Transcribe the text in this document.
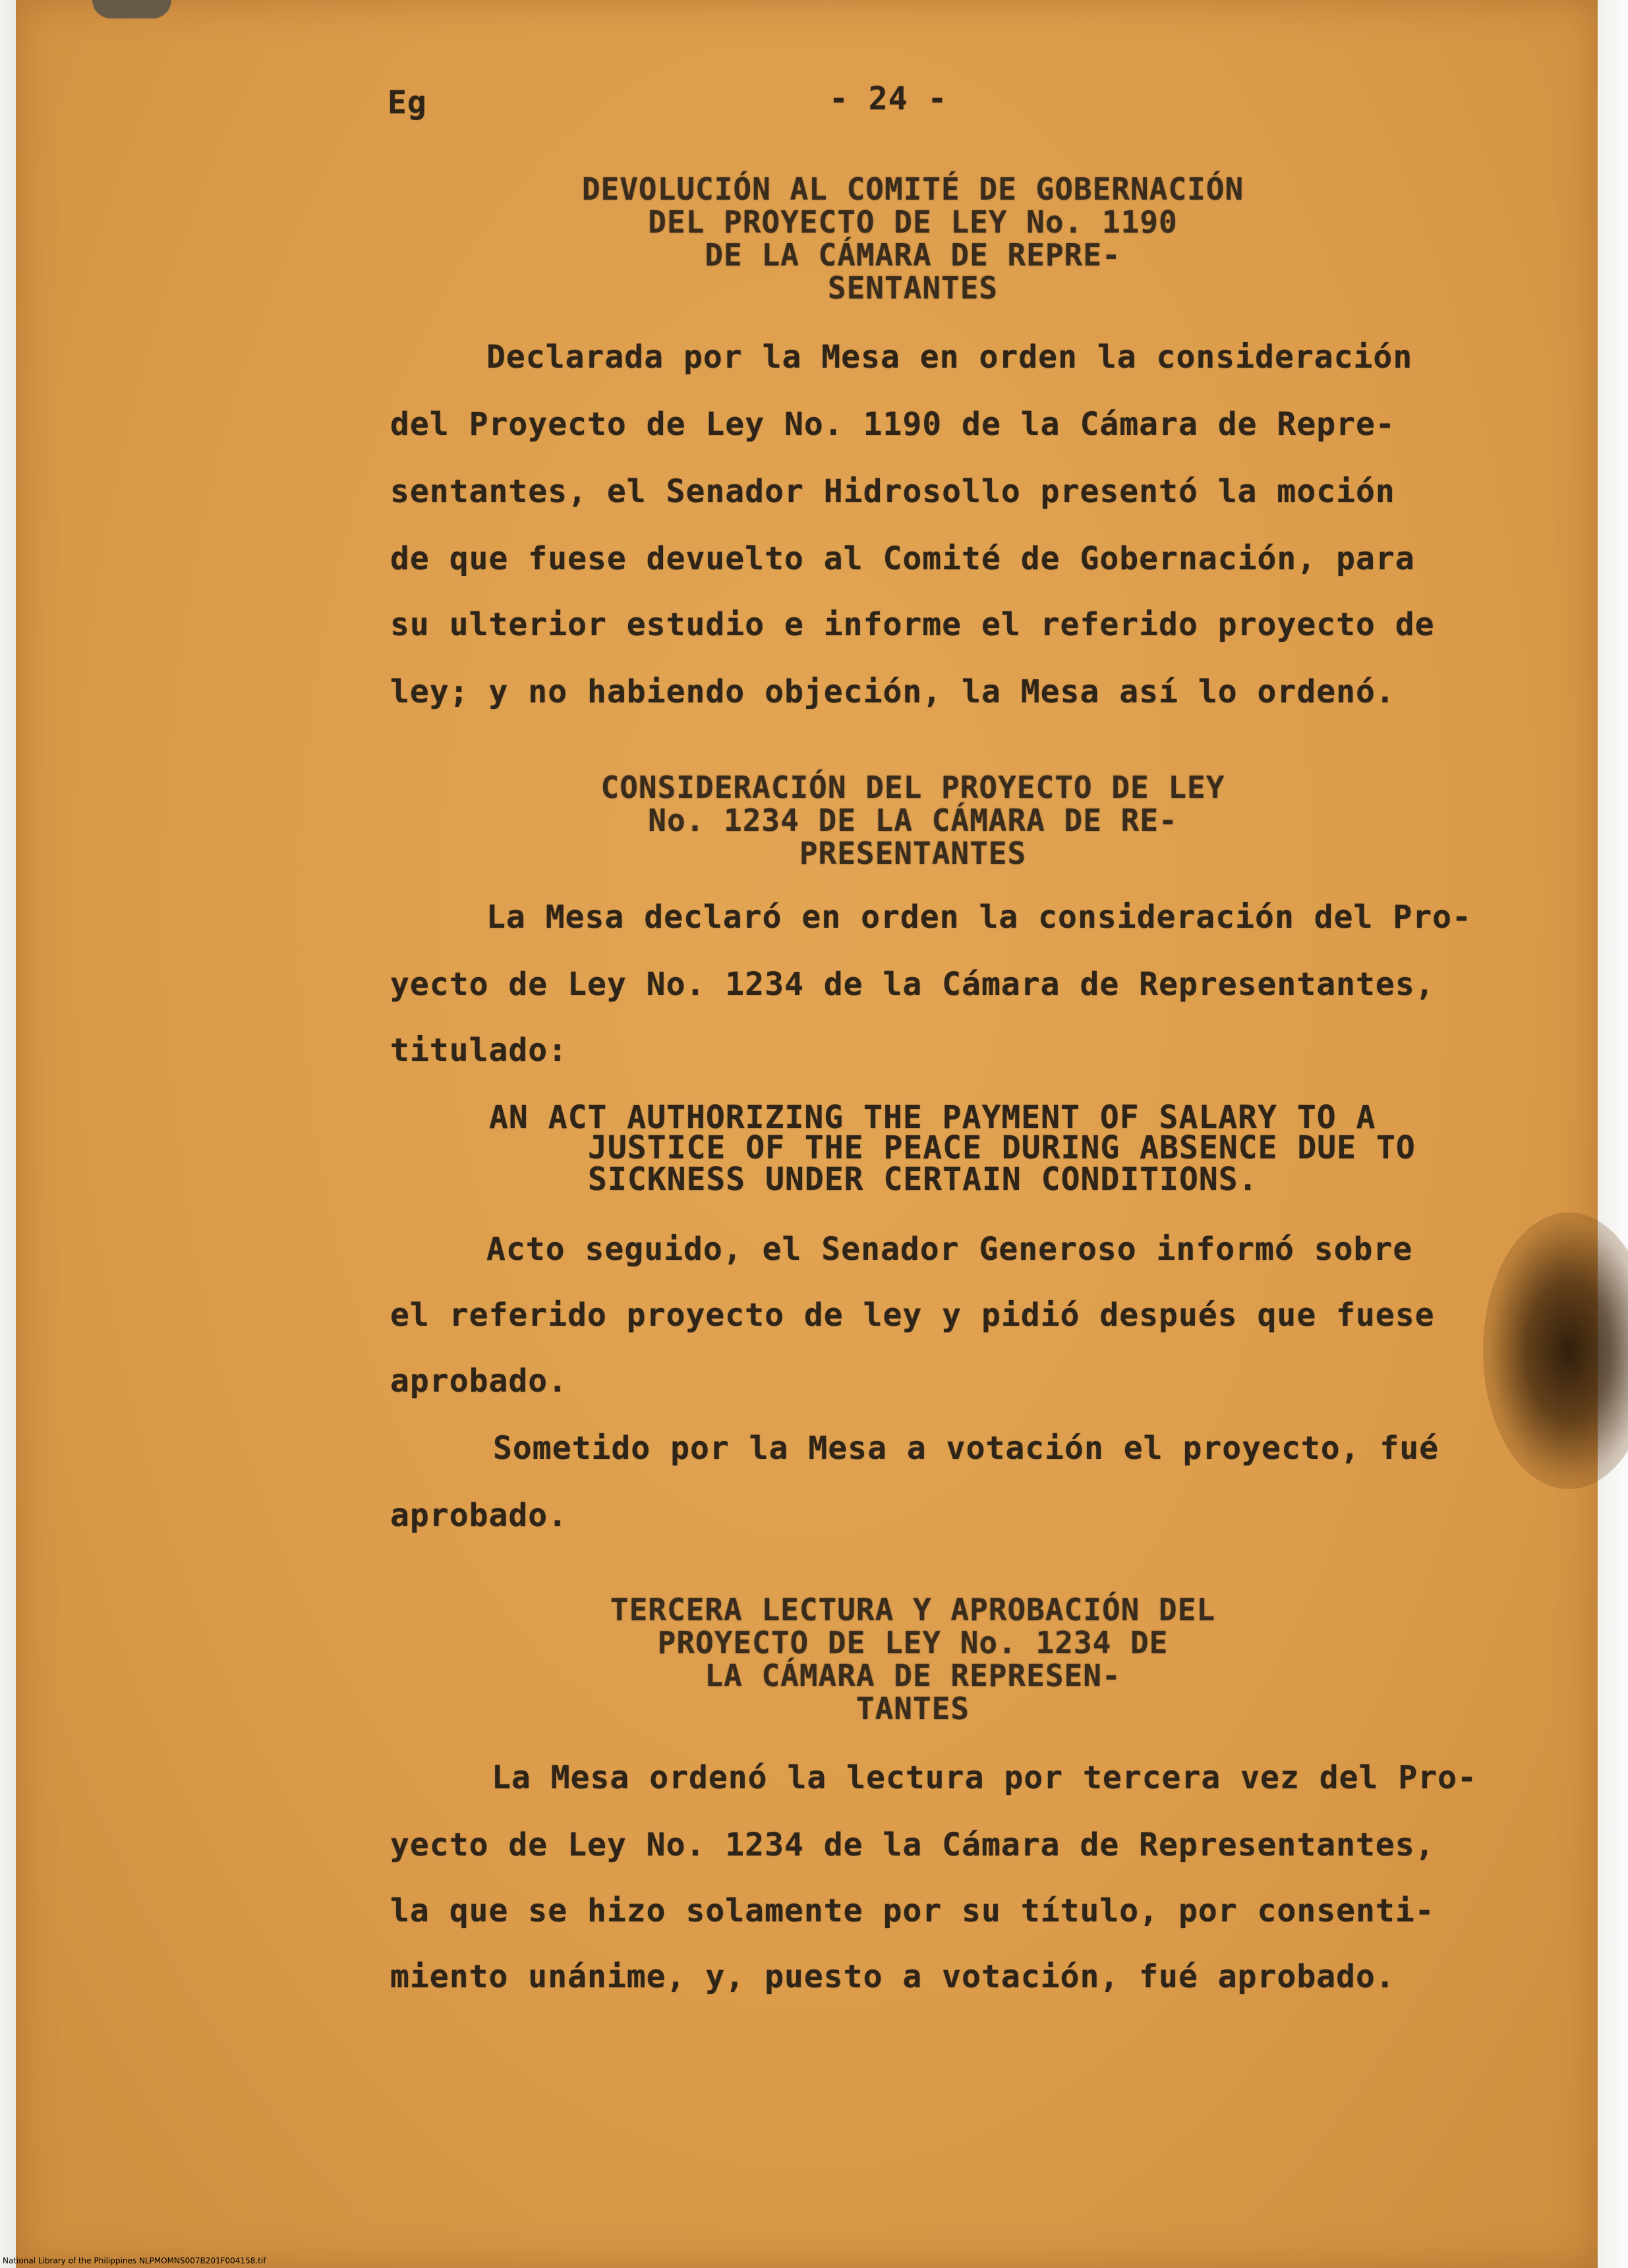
Eg	- 24 -
DEVOLUCIÓN AL COMITÉ DE GOBERNACIÓN
DEL PROYECTO DE LEY No. 1190
DE LA CÁMARA DE REPRE-
SENTANTES
Declarada por la Mesa en orden la consideración
del Proyecto de Ley No. 1190 de la Cámara de Repre-
sentantes, el Senador Hidrosollo presentó la moción
de que fuese devuelto al Comité de Gobernación, para
su ulterior estudio e informe el referido proyecto de
ley; y no habiendo objeción, la Mesa así lo ordenó.
CONSIDERACIÓN DEL PROYECTO DE LEY
No. 1234 DE LA CÁMARA DE RE-
PRESENTANTES
La Mesa declaró en orden la consideración del Pro-
yecto de Ley No. 1234 de la Cámara de Representantes,
titulado:
AN ACT AUTHORIZING THE PAYMENT OF SALARY TO A
JUSTICE OF THE PEACE DURING ABSENCE DUE TO
SICKNESS UNDER CERTAIN CONDITIONS.
Acto seguido, el Senador Generoso informó sobre
el referido proyecto de ley y pidió después que fuese
aprobado.
Sometido por la Mesa a votación el proyecto, fué
aprobado.
TERCERA LECTURA Y APROBACIÓN DEL
PROYECTO DE LEY No. 1234 DE
LA CÁMARA DE REPRESEN-
TANTES
La Mesa ordenó la lectura por tercera vez del Pro-
yecto de Ley No. 1234 de la Cámara de Representantes,
la que se hizo solamente por su título, por consenti-
miento unánime, y, puesto a votación, fué aprobado.
National Library of the Philippines NLPMOMNS007B201F004158.tif
